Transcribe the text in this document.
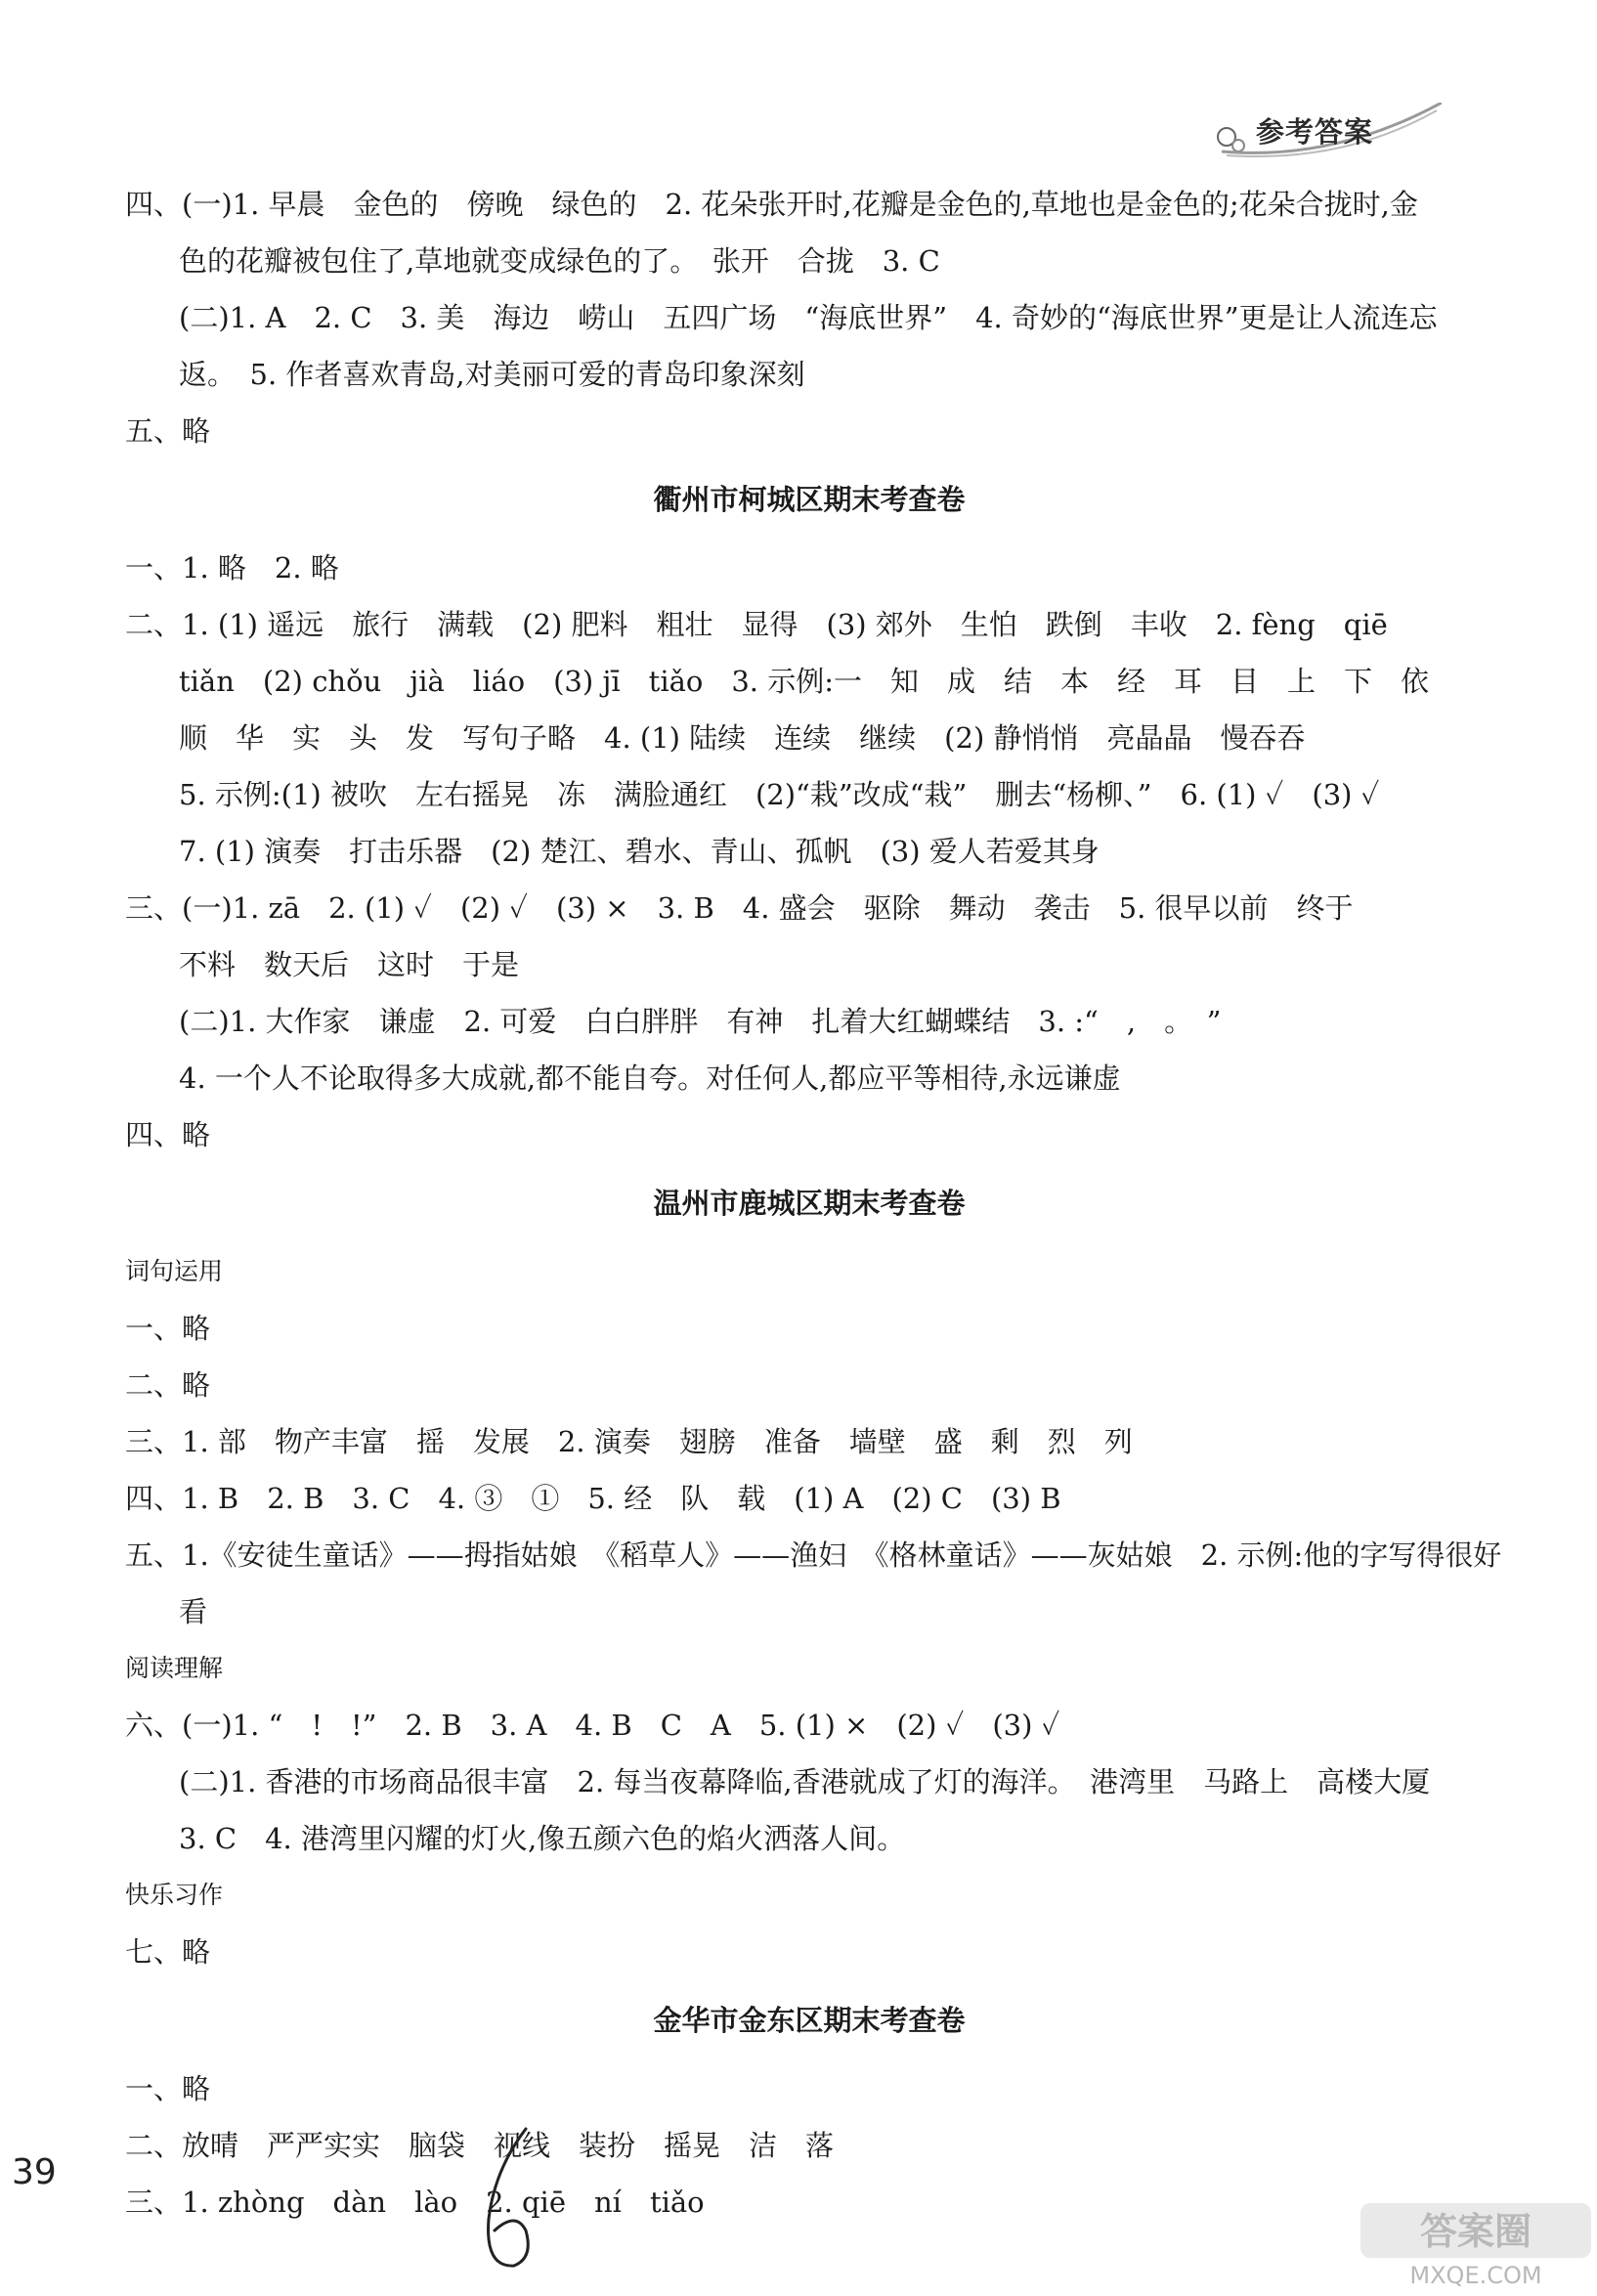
参考答案
四、(一)1. 早晨　金色的　傍晚　绿色的　2. 花朵张开时,花瓣是金色的,草地也是金色的;花朵合拢时,金
色的花瓣被包住了,草地就变成绿色的了。　张开　合拢　3. C
(二)1. A　2. C　3. 美　海边　崂山　五四广场　“海底世界”　4. 奇妙的“海底世界”更是让人流连忘
返。　5. 作者喜欢青岛,对美丽可爱的青岛印象深刻
五、略
衢州市柯城区期末考查卷
一、1. 略　2. 略
二、1. (1) 遥远　旅行　满载　(2) 肥料　粗壮　显得　(3) 郊外　生怕　跌倒　丰收　2. fèng　qiē
tiǎn　(2) chǒu　jià　liáo　(3) jī　tiǎo　3. 示例:一　知　成　结　本　经　耳　目　上　下　依
顺　华　实　头　发　写句子略　4. (1) 陆续　连续　继续　(2) 静悄悄　亮晶晶　慢吞吞
5. 示例:(1) 被吹　左右摇晃　冻　满脸通红　(2)“栽”改成“栽”　删去“杨柳、”　6. (1) ✓　(3) ✓
7. (1) 演奏　打击乐器　(2) 楚江、碧水、青山、孤帆　(3) 爱人若爱其身
三、(一)1. zā　2. (1) ✓　(2) ✓　(3) ×　3. B　4. 盛会　驱除　舞动　袭击　5. 很早以前　终于
不料　数天后　这时　于是
(二)1. 大作家　谦虚　2. 可爱　白白胖胖　有神　扎着大红蝴蝶结　3. :“　,　。　”
4. 一个人不论取得多大成就,都不能自夸。对任何人,都应平等相待,永远谦虚
四、略
温州市鹿城区期末考查卷
词句运用
一、略
二、略
三、1. 部　物产丰富　摇　发展　2. 演奏　翅膀　准备　墙壁　盛　剩　烈　列
四、1. B　2. B　3. C　4. ③　①　5. 经　队　载　(1) A　(2) C　(3) B
五、1.《安徒生童话》——拇指姑娘　《稻草人》——渔妇　《格林童话》——灰姑娘　2. 示例:他的字写得很好
看
阅读理解
六、(一)1. “　!　!”　2. B　3. A　4. B　C　A　5. (1) ×　(2) ✓　(3) ✓
(二)1. 香港的市场商品很丰富　2. 每当夜幕降临,香港就成了灯的海洋。　港湾里　马路上　高楼大厦
3. C　4. 港湾里闪耀的灯火,像五颜六色的焰火洒落人间。
快乐习作
七、略
金华市金东区期末考查卷
一、略
二、放晴　严严实实　脑袋　视线　装扮　摇晃　洁　落
三、1. zhòng　dàn　lào　2. qiē　ní　tiǎo
39
答案圈
MXQE.COM
